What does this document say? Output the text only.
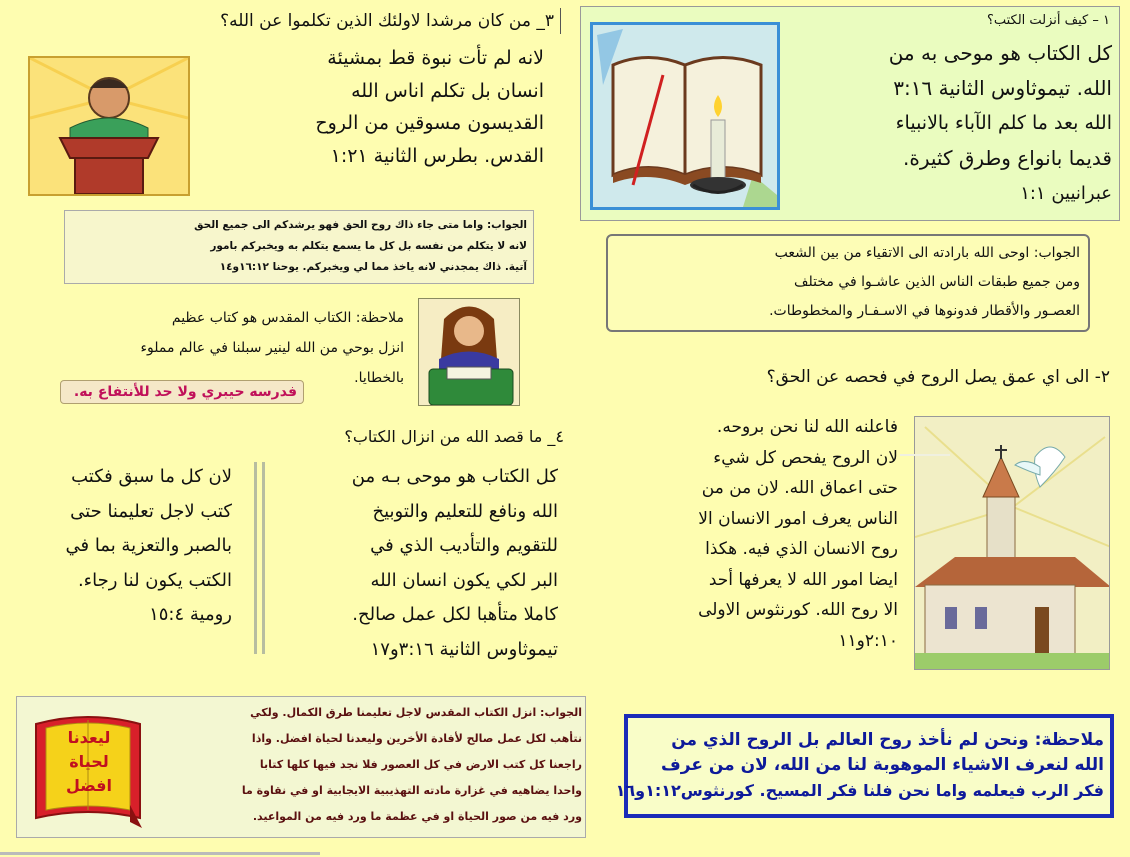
١ – كيف أنزلت الكتب؟
كل الكتاب هو موحى به من
الله. تيموثاوس الثانية ٣:١٦
الله بعد ما كلم الآباء بالانبياء
قديما بانواع وطرق كثيرة.
عبرانيين ١:١
الجواب: اوحى الله بارادته الى الاتقياء من بين الشعب
ومن جميع طبقات الناس الذين عاشـوا في مختلف
العصـور والأقطار فدونوها في الاسـفـار والمخطوطات.
٢- الى اي عمق يصل الروح في فحصه عن الحق؟
فاعلنه الله لنا نحن بروحه.
لان الروح يفحص كل شيء
حتى اعماق الله. لان من من
الناس يعرف امور الانسان الا
روح الانسان الذي فيه. هكذا
ايضا امور الله لا يعرفها أحد
الا روح الله. كورنثوس الاولى
٢:١٠و١١
ملاحظة: ونحن لم نأخذ روح العالم بل الروح الذي من
الله لنعرف الاشياء الموهوبة لنا من الله، لان من عرف
فكر الرب فيعلمه واما نحن فلنا فكر المسيح. كورنثوس١:١٢و١٦
٣_ من كان مرشدا لاولئك الذين تكلموا عن الله؟
لانه لم تأت نبوة قط بمشيئة
انسان بل تكلم اناس الله
القديسون مسوقين من الروح
القدس. بطرس الثانية ١:٢١
الجواب: واما متى جاء ذاك روح الحق فهو يرشدكم الى جميع الحق
لانه لا يتكلم من نفسه بل كل ما يسمع يتكلم به ويخبركم بامور
آتية. ذاك يمجدني لانه ياخذ مما لي ويخبركم. يوحنا ١٦:١٢و١٤
ملاحظة: الكتاب المقدس هو كتاب عظيم
انزل بوحي من الله لينير سبلنا في عالم مملوء
بالخطايا.
فدرسه حيبري ولا حد للأنتفاع به.
٤_ ما قصد الله من انزال الكتاب؟
كل الكتاب هو موحى بـه من
الله ونافع للتعليم والتوبيخ
للتقويم والتأديب الذي في
البر لكي يكون انسان الله
كاملا متأهبا لكل عمل صالح.
تيموثاوس الثانية ٣:١٦و١٧
لان كل ما سبق فكتب
كتب لاجل تعليمنا حتى
بالصبر والتعزية بما في
الكتب يكون لنا رجاء.
رومية ١٥:٤
الجواب: انزل الكتاب المقدس لاجل تعليمنا طرق الكمال. ولكي
نتأهب لكل عمل صالح لأفادة الأخرين وليعدنا لحياة افضل. واذا
راجعنا كل كتب الارض في كل العصور فلا نجد فيها كلها كتابا
واحدا يضاهيه في غزارة مادته التهذيبية الايجابية او في نقاوة ما
ورد فيه من صور الحياة او في عظمة ما ورد فيه من المواعيد.
ليعدنا
لحياة
افضل
